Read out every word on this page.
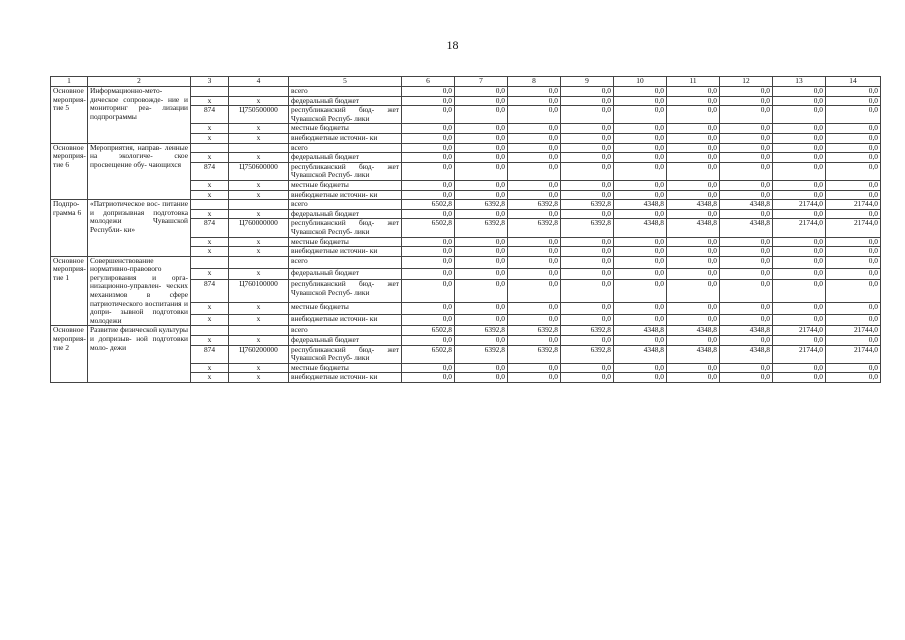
18
1	2	3	4	5	6	7	8	9	10	11	12	13	14
Основное мероприя- тие 5	Информационно-мето- дическое сопровожде- ние и мониторинг реа- лизации подпрограммы			всего	0,0	0,0	0,0	0,0	0,0	0,0	0,0	0,0	0,0
		x	x	федеральный бюджет	0,0	0,0	0,0	0,0	0,0	0,0	0,0	0,0	0,0
		874	Ц750500000	республиканский бюд- жет Чувашской Респуб- лики	0,0	0,0	0,0	0,0	0,0	0,0	0,0	0,0	0,0
		x	x	местные бюджеты	0,0	0,0	0,0	0,0	0,0	0,0	0,0	0,0	0,0
		x	x	внебюджетные источни- ки	0,0	0,0	0,0	0,0	0,0	0,0	0,0	0,0	0,0
Основное мероприя- тие 6	Мероприятия, направ- ленные на экологиче- ское просвещение обу- чающихся			всего	0,0	0,0	0,0	0,0	0,0	0,0	0,0	0,0	0,0
		x	x	федеральный бюджет	0,0	0,0	0,0	0,0	0,0	0,0	0,0	0,0	0,0
		874	Ц750600000	республиканский бюд- жет Чувашской Респуб- лики	0,0	0,0	0,0	0,0	0,0	0,0	0,0	0,0	0,0
		x	x	местные бюджеты	0,0	0,0	0,0	0,0	0,0	0,0	0,0	0,0	0,0
		x	x	внебюджетные источни- ки	0,0	0,0	0,0	0,0	0,0	0,0	0,0	0,0	0,0
Подпро- грамма 6	«Патриотическое вос- питание и допризывная подготовка молодежи Чувашской Республи- ки»			всего	6502,8	6392,8	6392,8	6392,8	4348,8	4348,8	4348,8	21744,0	21744,0
		x	x	федеральный бюджет	0,0	0,0	0,0	0,0	0,0	0,0	0,0	0,0	0,0
		874	Ц760000000	республиканский бюд- жет Чувашской Респуб- лики	6502,8	6392,8	6392,8	6392,8	4348,8	4348,8	4348,8	21744,0	21744,0
		x	x	местные бюджеты	0,0	0,0	0,0	0,0	0,0	0,0	0,0	0,0	0,0
		x	x	внебюджетные источни- ки	0,0	0,0	0,0	0,0	0,0	0,0	0,0	0,0	0,0
Основное мероприя- тие 1	Совершенствование нормативно-правового регулирования и орга- низационно-управлен- ческих механизмов в сфере патриотического воспитания и допри- зывной подготовки молодежи			всего	0,0	0,0	0,0	0,0	0,0	0,0	0,0	0,0	0,0
		x	x	федеральный бюджет	0,0	0,0	0,0	0,0	0,0	0,0	0,0	0,0	0,0
		874	Ц760100000	республиканский бюд- жет Чувашской Респуб- лики	0,0	0,0	0,0	0,0	0,0	0,0	0,0	0,0	0,0
		x	x	местные бюджеты	0,0	0,0	0,0	0,0	0,0	0,0	0,0	0,0	0,0
		x	x	внебюджетные источни- ки	0,0	0,0	0,0	0,0	0,0	0,0	0,0	0,0	0,0
Основное мероприя- тие 2	Развитие физической культуры и допризыв- ной подготовки моло- дежи			всего	6502,8	6392,8	6392,8	6392,8	4348,8	4348,8	4348,8	21744,0	21744,0
		x	x	федеральный бюджет	0,0	0,0	0,0	0,0	0,0	0,0	0,0	0,0	0,0
		874	Ц760200000	республиканский бюд- жет Чувашской Респуб- лики	6502,8	6392,8	6392,8	6392,8	4348,8	4348,8	4348,8	21744,0	21744,0
		x	x	местные бюджеты	0,0	0,0	0,0	0,0	0,0	0,0	0,0	0,0	0,0
		x	x	внебюджетные источни- ки	0,0	0,0	0,0	0,0	0,0	0,0	0,0	0,0	0,0
